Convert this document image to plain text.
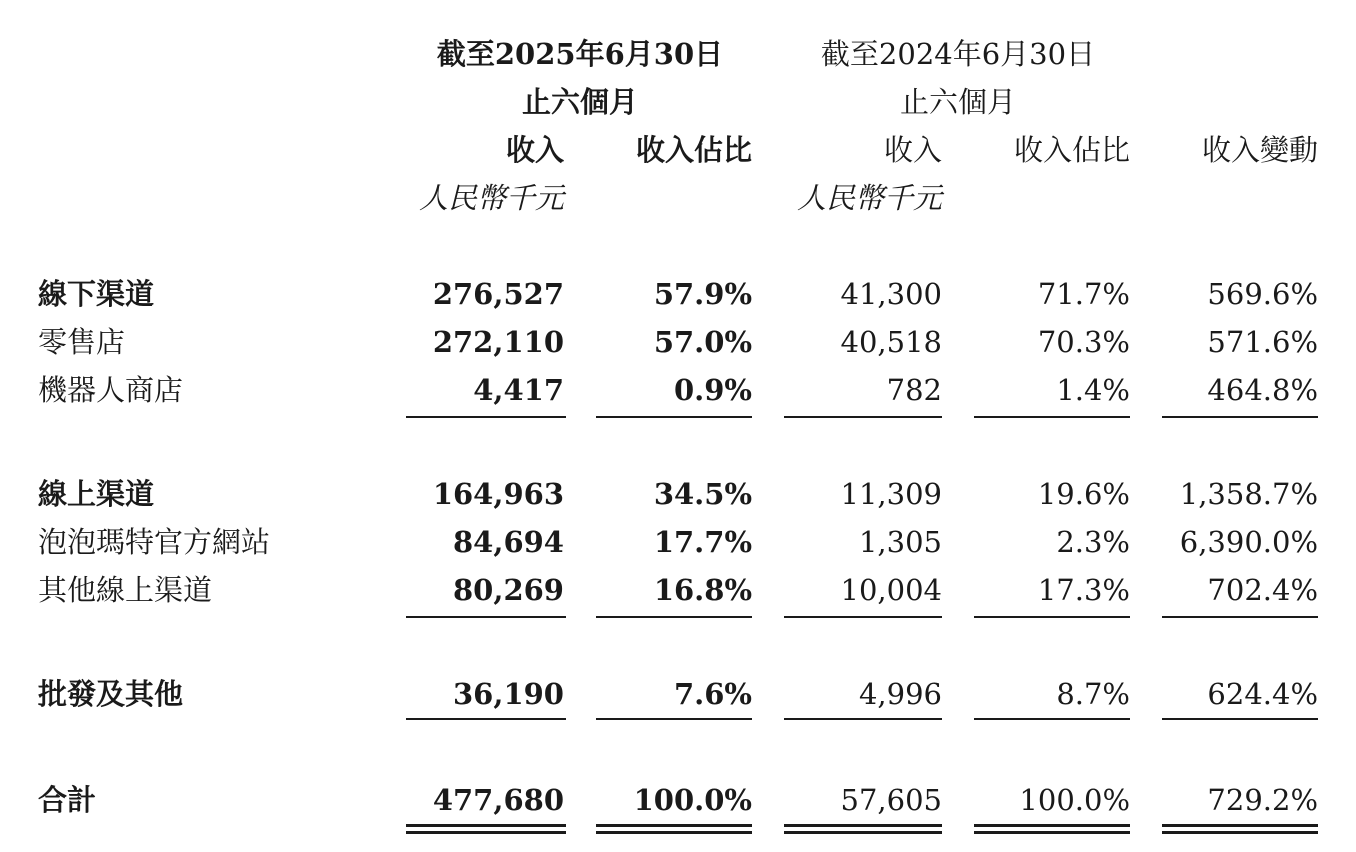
截至2025年6月30日
止六個月
截至2024年6月30日
止六個月
收入 收入佔比	收入 收入佔比 收入變動
人民幣千元	人民幣千元
線下渠道	276,527	57.9%	41,300	71.7%	569.6%
零售店	272,110	57.0%	40,518	70.3%	571.6%
機器人商店	4,417	0.9%	782	1.4%	464.8%
線上渠道	164,963	34.5%	11,309	19.6% 1,358.7%
泡泡瑪特官方網站	84,694	17.7%	1,305	2.3% 6,390.0%
其他線上渠道	80,269	16.8%	10,004	17.3%	702.4%
批發及其他	36,190	7.6%	4,996	8.7%	624.4%
合計	477,680 100.0%	57,605	100.0%	729.2%
